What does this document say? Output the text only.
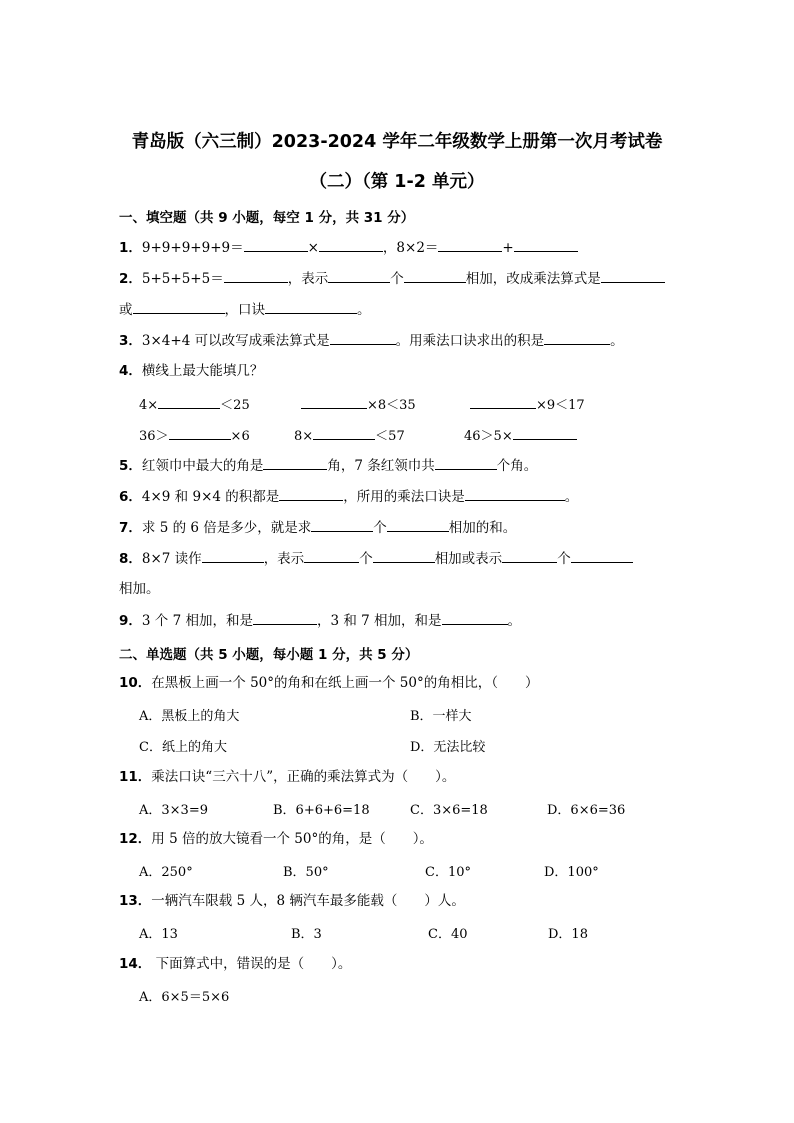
青岛版（六三制）2023-2024 学年二年级数学上册第一次月考试卷
（二）（第 1-2 单元）
一、填空题（共 9 小题，每空 1 分，共 31 分）
1．9+9+9+9+9＝	×	，8×2＝	+
2．5+5+5+5＝	，表示	个	相加，改成乘法算式是
或	，口诀	。
3．3×4+4 可以改写成乘法算式是	。用乘法口诀求出的积是	。
4．横线上最大能填几？
4×	＜25	×8＜35	×9＜17
36＞	×6	8×	＜57	46＞5×
5．红领巾中最大的角是	角，7 条红领巾共	个角。
6．4×9 和 9×4 的积都是	，所用的乘法口诀是	。
7．求 5 的 6 倍是多少，就是求	个	相加的和。
8．8×7 读作	，表示	个	相加或表示	个
相加。
9．3 个 7 相加，和是	，3 和 7 相加，和是	。
二、单选题（共 5 小题，每小题 1 分，共 5 分）
10．在黑板上画一个 50°的角和在纸上画一个 50°的角相比，（　　）
A．黑板上的角大	B．一样大
C．纸上的角大	D．无法比较
11．乘法口诀“三六十八”，正确的乘法算式为（　　）。
A．3×3=9	B．6+6+6=18	C．3×6=18	D．6×6=36
12．用 5 倍的放大镜看一个 50°的角，是（　　）。
A．250°	B．50°	C．10°	D．100°
13．一辆汽车限载 5 人，8 辆汽车最多能载（　　）人。
A．13	B．3	C．40	D．18
14． 下面算式中，错误的是（　　）。
A．6×5＝5×6
